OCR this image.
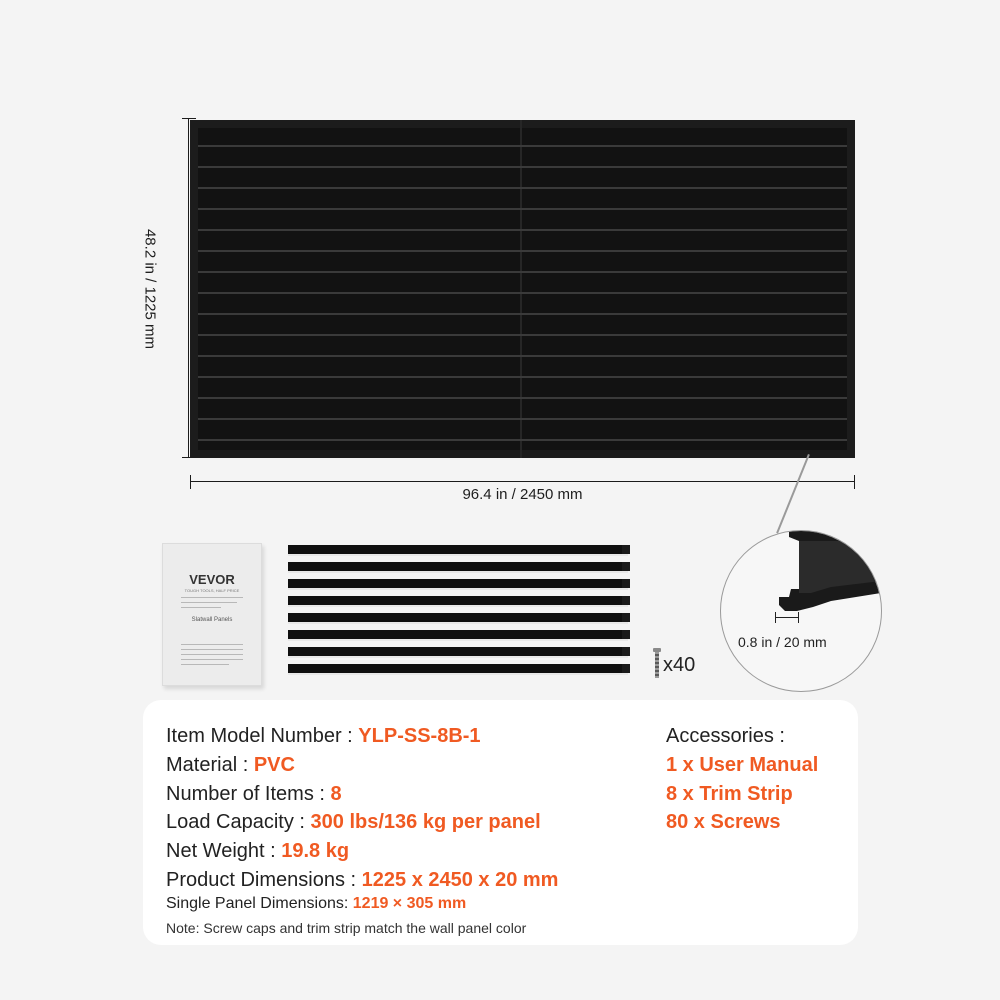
48.2 in / 1225 mm
96.4 in / 2450 mm
VEVOR
TOUGH TOOLS, HALF PRICE
Slatwall Panels
x40
0.8 in / 20 mm
Item Model Number : YLP-SS-8B-1
Material : PVC
Number of Items : 8
Load Capacity : 300 lbs/136 kg per panel
Net Weight : 19.8 kg
Product Dimensions : 1225 x 2450 x 20 mm
Single Panel Dimensions: 1219 × 305 mm
Note: Screw caps and trim strip match the wall panel color
Accessories :
1 x User Manual
8 x Trim Strip
80 x Screws
